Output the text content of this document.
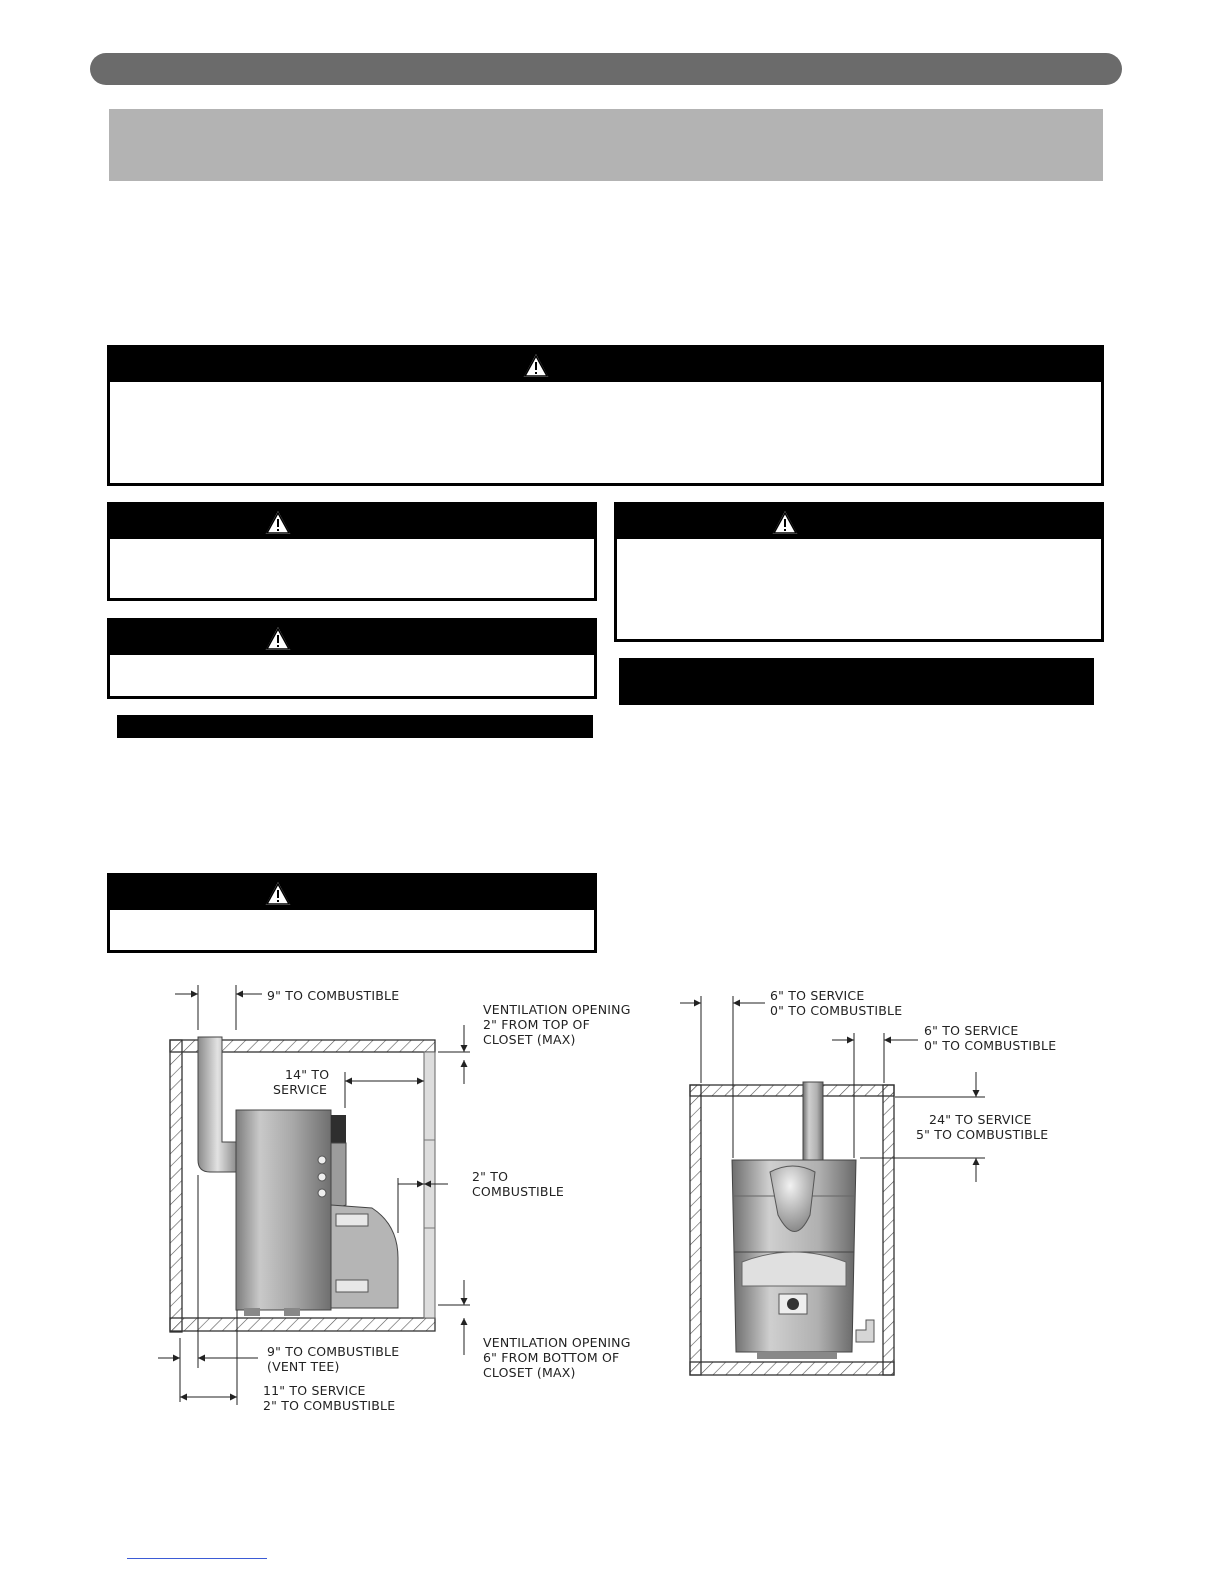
9" TO COMBUSTIBLE
VENTILATION OPENING
2" FROM TOP OF
CLOSET (MAX)
14" TO
SERVICE
2" TO
COMBUSTIBLE
9" TO COMBUSTIBLE
(VENT TEE)
11" TO SERVICE
2" TO COMBUSTIBLE
VENTILATION OPENING
6" FROM BOTTOM OF
CLOSET (MAX)
6" TO SERVICE
0" TO COMBUSTIBLE
6" TO SERVICE
0" TO COMBUSTIBLE
24" TO SERVICE
5" TO COMBUSTIBLE
